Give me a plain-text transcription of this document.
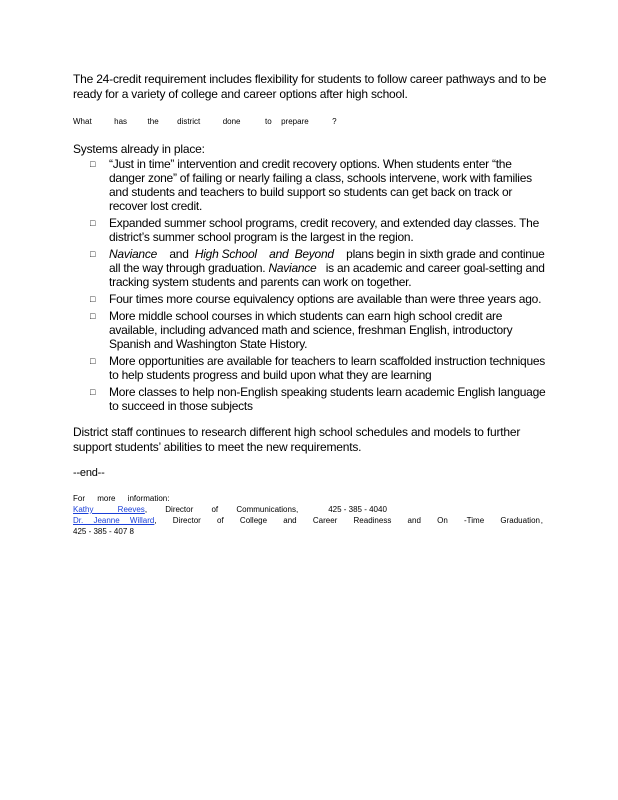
The 24-credit requirement includes flexibility for students to follow career pathways and to be ready for a variety of college and career options after high school.
What	has	the district	done	to prepare	?
Systems already in place:
□ “Just in time” intervention and credit recovery options. When students enter “the danger zone” of failing or nearly failing a class, schools intervene, work with families and students and teachers to build support so students can get back on track or recover lost credit.
□ Expanded summer school programs, credit recovery, and extended day classes. The district’s summer school program is the largest in the region.
□ Naviance and High School and Beyond plans begin in sixth grade and continue all the way through graduation. Naviance is an academic and career goal-setting and tracking system students and parents can work on together.
□ Four times more course equivalency options are available than were three years ago.
□ More middle school courses in which students can earn high school credit are available, including advanced math and science, freshman English, introductory Spanish and Washington State History.
□ More opportunities are available for teachers to learn scaffolded instruction techniques to help students progress and build upon what they are learning
□ More classes to help non-English speaking students learn academic English language to succeed in those subjects
District staff continues to research different high school schedules and models to further support students’ abilities to meet the new requirements.
--end--
For more information:
Kathy Reeves , Director of Communications,	425 - 385 - 4040
Dr. Jeanne Willard , Director of College and Career Readiness and On -Time Graduation ,
425 - 385 - 407 8
